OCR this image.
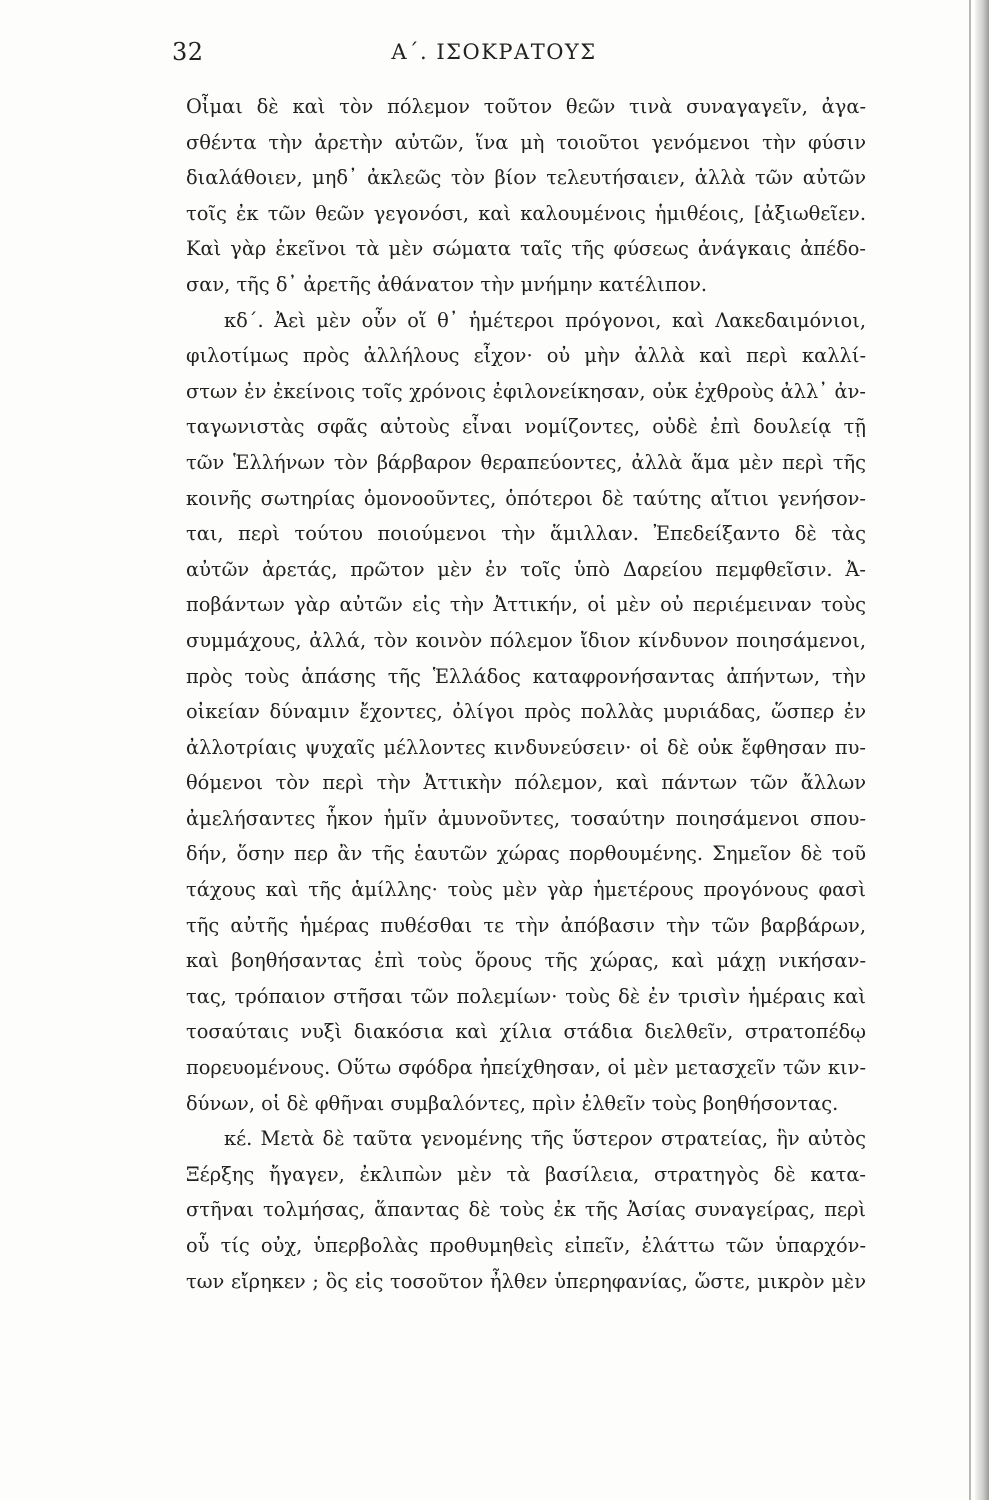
32	Α΄. ΙΣΟΚΡΑΤΟΥΣ
Οἶμαι δὲ καὶ τὸν πόλεμον τοῦτον θεῶν τινὰ συναγαγεῖν, ἀγα-
σθέντα τὴν ἀρετὴν αὐτῶν, ἵνα μὴ τοιοῦτοι γενόμενοι τὴν φύσιν
διαλάθοιεν, μηδ᾽ ἀκλεῶς τὸν βίον τελευτήσαιεν, ἀλλὰ τῶν αὐτῶν
τοῖς ἐκ τῶν θεῶν γεγονόσι, καὶ καλουμένοις ἡμιθέοις, [ἀξιωθεῖεν.
Καὶ γὰρ ἐκεῖνοι τὰ μὲν σώματα ταῖς τῆς φύσεως ἀνάγκαις ἀπέδο-
σαν, τῆς δ᾽ ἀρετῆς ἀθάνατον τὴν μνήμην κατέλιπον.
κδ΄. Ἀεὶ μὲν οὖν οἵ θ᾽ ἡμέτεροι πρόγονοι, καὶ Λακεδαιμόνιοι,
φιλοτίμως πρὸς ἀλλήλους εἶχον· οὐ μὴν ἀλλὰ καὶ περὶ καλλί-
στων ἐν ἐκείνοις τοῖς χρόνοις ἐφιλονείκησαν, οὐκ ἐχθροὺς ἀλλ᾽ ἀν-
ταγωνιστὰς σφᾶς αὐτοὺς εἶναι νομίζοντες, οὐδὲ ἐπὶ δουλείᾳ τῇ
τῶν Ἑλλήνων τὸν βάρβαρον θεραπεύοντες, ἀλλὰ ἅμα μὲν περὶ τῆς
κοινῆς σωτηρίας ὁμονοοῦντες, ὁπότεροι δὲ ταύτης αἴτιοι γενήσον-
ται, περὶ τούτου ποιούμενοι τὴν ἅμιλλαν. Ἐπεδείξαντο δὲ τὰς
αὐτῶν ἀρετάς, πρῶτον μὲν ἐν τοῖς ὑπὸ Δαρείου πεμφθεῖσιν. Ἀ-
ποβάντων γὰρ αὐτῶν εἰς τὴν Ἀττικήν, οἱ μὲν οὐ περιέμειναν τοὺς
συμμάχους, ἀλλά, τὸν κοινὸν πόλεμον ἴδιον κίνδυνον ποιησάμενοι,
πρὸς τοὺς ἁπάσης τῆς Ἑλλάδος καταφρονήσαντας ἀπήντων, τὴν
οἰκείαν δύναμιν ἔχοντες, ὀλίγοι πρὸς πολλὰς μυριάδας, ὥσπερ ἐν
ἀλλοτρίαις ψυχαῖς μέλλοντες κινδυνεύσειν· οἱ δὲ οὐκ ἔφθησαν πυ-
θόμενοι τὸν περὶ τὴν Ἀττικὴν πόλεμον, καὶ πάντων τῶν ἄλλων
ἀμελήσαντες ἧκον ἡμῖν ἀμυνοῦντες, τοσαύτην ποιησάμενοι σπου-
δήν, ὅσην περ ἂν τῆς ἑαυτῶν χώρας πορθουμένης. Σημεῖον δὲ τοῦ
τάχους καὶ τῆς ἁμίλλης· τοὺς μὲν γὰρ ἡμετέρους προγόνους φασὶ
τῆς αὐτῆς ἡμέρας πυθέσθαι τε τὴν ἀπόβασιν τὴν τῶν βαρβάρων,
καὶ βοηθήσαντας ἐπὶ τοὺς ὅρους τῆς χώρας, καὶ μάχῃ νικήσαν-
τας, τρόπαιον στῆσαι τῶν πολεμίων· τοὺς δὲ ἐν τρισὶν ἡμέραις καὶ
τοσαύταις νυξὶ διακόσια καὶ χίλια στάδια διελθεῖν, στρατοπέδῳ
πορευομένους. Οὕτω σφόδρα ἠπείχθησαν, οἱ μὲν μετασχεῖν τῶν κιν-
δύνων, οἱ δὲ φθῆναι συμβαλόντες, πρὶν ἐλθεῖν τοὺς βοηθήσοντας.
κέ. Μετὰ δὲ ταῦτα γενομένης τῆς ὕστερον στρατείας, ἣν αὐτὸς
Ξέρξης ἤγαγεν, ἐκλιπὼν μὲν τὰ βασίλεια, στρατηγὸς δὲ κατα-
στῆναι τολμήσας, ἅπαντας δὲ τοὺς ἐκ τῆς Ἀσίας συναγείρας, περὶ
οὗ τίς οὐχ, ὑπερβολὰς προθυμηθεὶς εἰπεῖν, ἐλάττω τῶν ὑπαρχόν-
των εἴρηκεν ; ὃς εἰς τοσοῦτον ἦλθεν ὑπερηφανίας, ὥστε, μικρὸν μὲν
